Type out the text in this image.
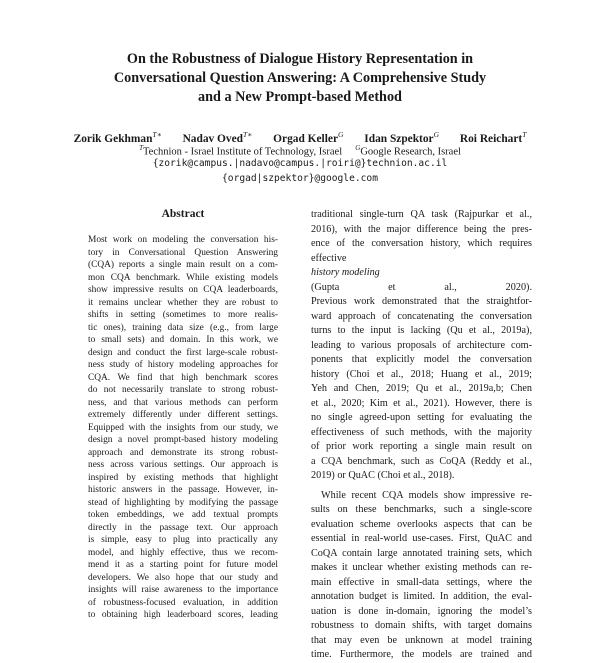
On the Robustness of Dialogue History Representation in
Conversational Question Answering: A Comprehensive Study
and a New Prompt-based Method
Zorik Gekhman$^{T∗}$ Nadav Oved$^{T∗}$ Orgad Keller$^G$ Idan Szpektor$^G$ Roi Reichart$^T$
$^T$Technion - Israel Institute of Technology, Israel $^G$Google Research, Israel
{zorik@campus.|nadavo@campus.|roiri@}technion.ac.il
{orgad|szpektor}@google.com
Abstract
Most work on modeling the conversation his-
tory in Conversational Question Answering
(CQA) reports a single main result on a com-
mon CQA benchmark. While existing models
show impressive results on CQA leaderboards,
it remains unclear whether they are robust to
shifts in setting (sometimes to more realis-
tic ones), training data size (e.g., from large
to small sets) and domain. In this work, we
design and conduct the first large-scale robust-
ness study of history modeling approaches for
CQA. We find that high benchmark scores
do not necessarily translate to strong robust-
ness, and that various methods can perform
extremely differently under different settings.
Equipped with the insights from our study, we
design a novel prompt-based history modeling
approach and demonstrate its strong robust-
ness across various settings. Our approach is
inspired by existing methods that highlight
historic answers in the passage. However, in-
stead of highlighting by modifying the passage
token embeddings, we add textual prompts
directly in the passage text. Our approach
is simple, easy to plug into practically any
model, and highly effective, thus we recom-
mend it as a starting point for future model
developers. We also hope that our study and
insights will raise awareness to the importance
of robustness-focused evaluation, in addition
to obtaining high leaderboard scores, leading
traditional single-turn QA task (Rajpurkar et al.,
2016), with the major difference being the pres-
ence of the conversation history, which requires
effective
history modeling
(Gupta et al., 2020).
Previous work demonstrated that the straightfor-
ward approach of concatenating the conversation
turns to the input is lacking (Qu et al., 2019a),
leading to various proposals of architecture com-
ponents that explicitly model the conversation
history (Choi et al., 2018; Huang et al., 2019;
Yeh and Chen, 2019; Qu et al., 2019a,b; Chen
et al., 2020; Kim et al., 2021). However, there is
no single agreed-upon setting for evaluating the
effectiveness of such methods, with the majority
of prior work reporting a single main result on
a CQA benchmark, such as CoQA (Reddy et al.,
2019) or QuAC (Choi et al., 2018).
While recent CQA models show impressive re-
sults on these benchmarks, such a single-score
evaluation scheme overlooks aspects that can be
essential in real-world use-cases. First, QuAC and
CoQA contain large annotated training sets, which
makes it unclear whether existing methods can re-
main effective in small-data settings, where the
annotation budget is limited. In addition, the eval-
uation is done in-domain, ignoring the model’s
robustness to domain shifts, with target domains
that may even be unknown at model training
time. Furthermore, the models are trained and
